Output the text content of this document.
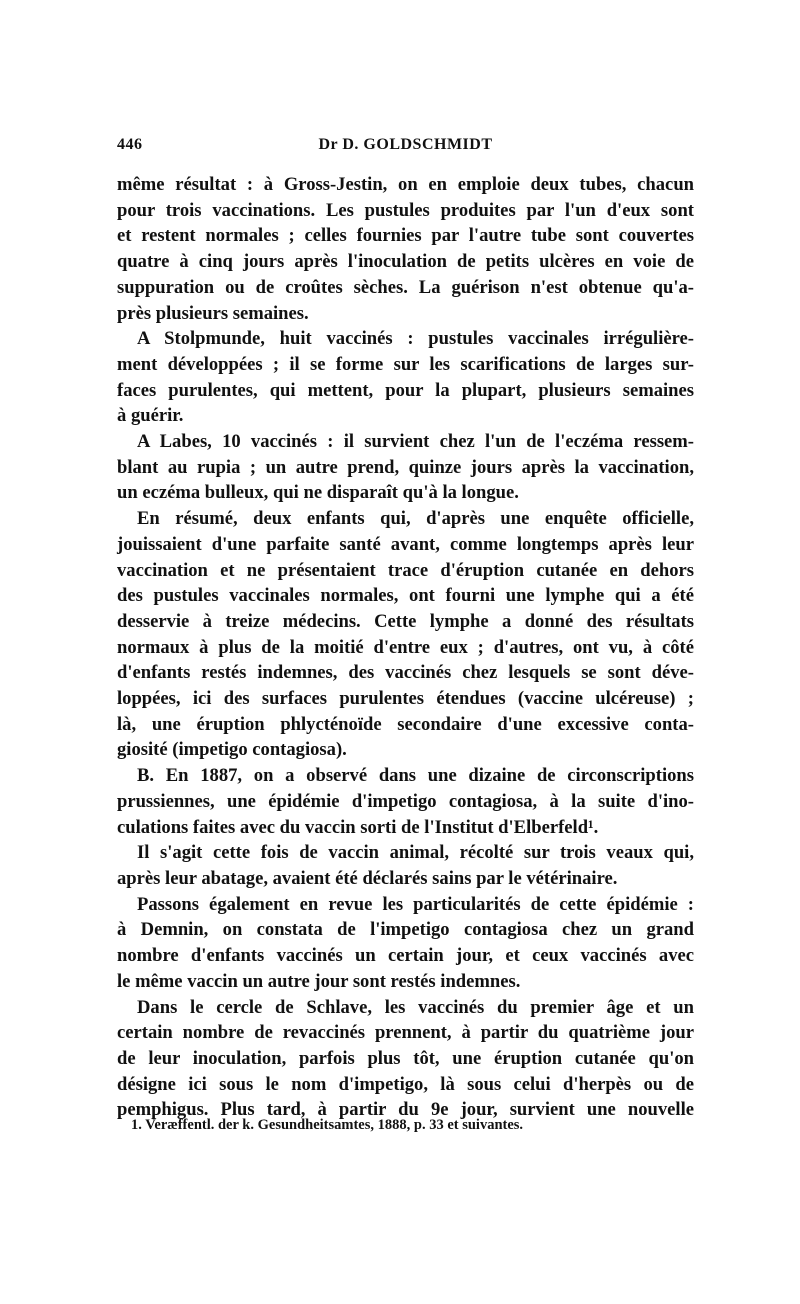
446	Dr D. GOLDSCHMIDT
même résultat : à Gross-Jestin, on en emploie deux tubes, chacun
pour trois vaccinations. Les pustules produites par l'un d'eux sont
et restent normales ; celles fournies par l'autre tube sont couvertes
quatre à cinq jours après l'inoculation de petits ulcères en voie de
suppuration ou de croûtes sèches. La guérison n'est obtenue qu'a-
près plusieurs semaines.
A Stolpmunde, huit vaccinés : pustules vaccinales irrégulière-
ment développées ; il se forme sur les scarifications de larges sur-
faces purulentes, qui mettent, pour la plupart, plusieurs semaines
à guérir.
A Labes, 10 vaccinés : il survient chez l'un de l'eczéma ressem-
blant au rupia ; un autre prend, quinze jours après la vaccination,
un eczéma bulleux, qui ne disparaît qu'à la longue.
En résumé, deux enfants qui, d'après une enquête officielle,
jouissaient d'une parfaite santé avant, comme longtemps après leur
vaccination et ne présentaient trace d'éruption cutanée en dehors
des pustules vaccinales normales, ont fourni une lymphe qui a été
desservie à treize médecins. Cette lymphe a donné des résultats
normaux à plus de la moitié d'entre eux ; d'autres, ont vu, à côté
d'enfants restés indemnes, des vaccinés chez lesquels se sont déve-
loppées, ici des surfaces purulentes étendues (vaccine ulcéreuse) ;
là, une éruption phlycténoïde secondaire d'une excessive conta-
giosité (impetigo contagiosa).
B. En 1887, on a observé dans une dizaine de circonscriptions
prussiennes, une épidémie d'impetigo contagiosa, à la suite d'ino-
culations faites avec du vaccin sorti de l'Institut d'Elberfeld¹.
Il s'agit cette fois de vaccin animal, récolté sur trois veaux qui,
après leur abatage, avaient été déclarés sains par le vétérinaire.
Passons également en revue les particularités de cette épidémie :
à Demnin, on constata de l'impetigo contagiosa chez un grand
nombre d'enfants vaccinés un certain jour, et ceux vaccinés avec
le même vaccin un autre jour sont restés indemnes.
Dans le cercle de Schlave, les vaccinés du premier âge et un
certain nombre de revaccinés prennent, à partir du quatrième jour
de leur inoculation, parfois plus tôt, une éruption cutanée qu'on
désigne ici sous le nom d'impetigo, là sous celui d'herpès ou de
pemphigus. Plus tard, à partir du 9e jour, survient une nouvelle
1. Veræffentl. der k. Gesundheitsamtes, 1888, p. 33 et suivantes.
